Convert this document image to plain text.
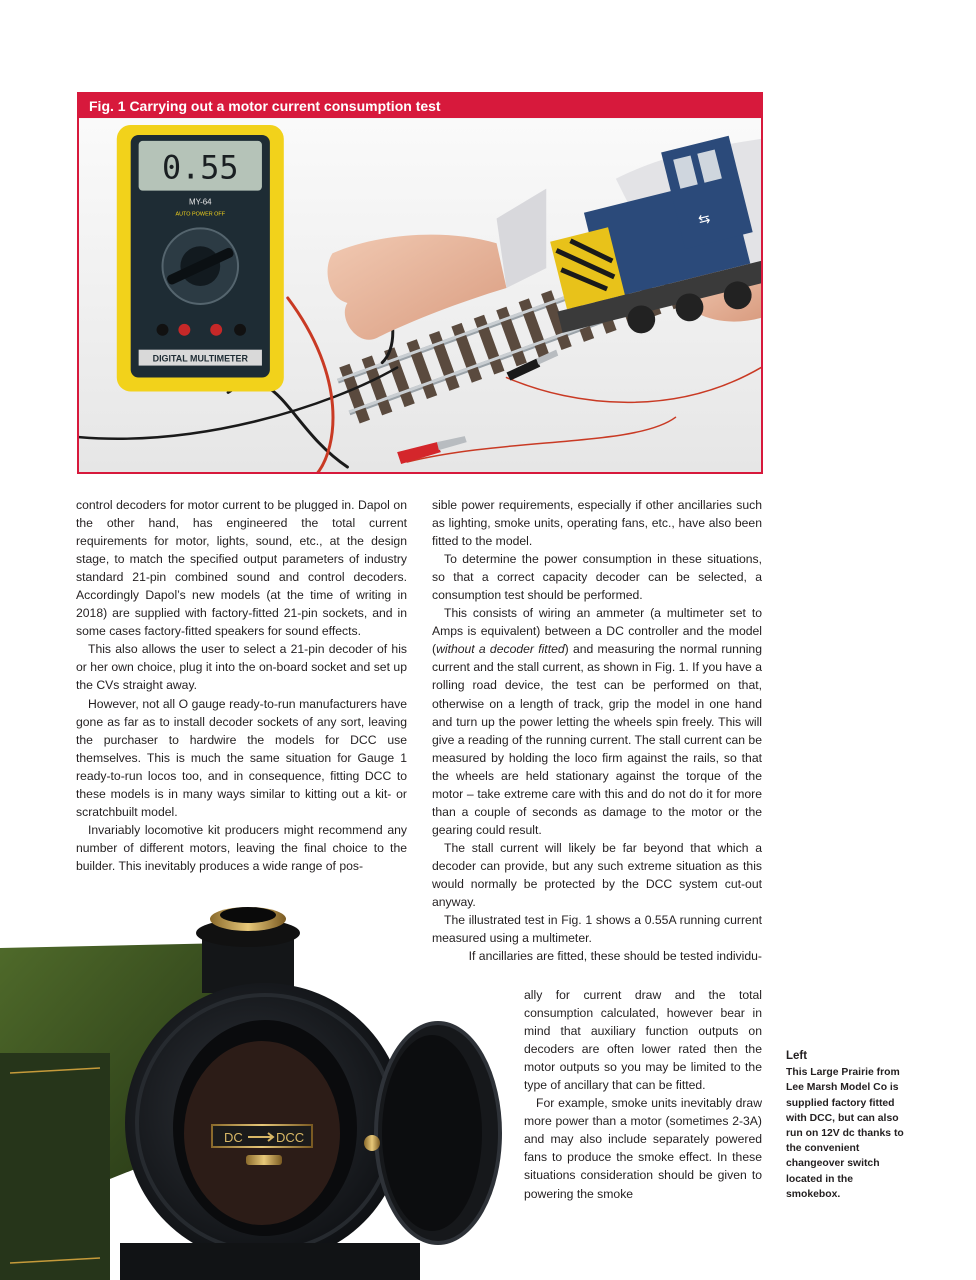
Fig. 1 Carrying out a motor current consumption test
0.55
MY-64
AUTO POWER OFF
DIGITAL MULTIMETER
⇆

control decoders for motor current to be plugged in. Dapol on the other hand, has engineered the total current requirements for motor, lights, sound, etc., at the design stage, to match the specified output parameters of industry standard 21-pin combined sound and control decoders. Accordingly Dapol’s new models (at the time of writing in 2018) are supplied with factory-fitted 21-pin sockets, and in some cases factory-fitted speakers for sound effects.

This also allows the user to select a 21-pin decoder of his or her own choice, plug it into the on-board socket and set up the CVs straight away.

However, not all O gauge ready-to-run manufacturers have gone as far as to install decoder sockets of any sort, leaving the purchaser to hardwire the models for DCC use themselves. This is much the same situation for Gauge 1 ready-to-run locos too, and in consequence, fitting DCC to these models is in many ways similar to kitting out a kit- or scratchbuilt model.

Invariably locomotive kit producers might recommend any number of different motors, leaving the final choice to the builder. This inevitably produces a wide range of pos-

sible power requirements, especially if other ancillaries such as lighting, smoke units, operating fans, etc., have also been fitted to the model.

To determine the power consumption in these situations, so that a correct capacity decoder can be selected, a consumption test should be performed.

This consists of wiring an ammeter (a multimeter set to Amps is equivalent) between a DC controller and the model (without a decoder fitted) and measuring the normal running current and the stall current, as shown in Fig. 1. If you have a rolling road device, the test can be performed on that, otherwise on a length of track, grip the model in one hand and turn up the power letting the wheels spin freely. This will give a reading of the running current. The stall current can be measured by holding the loco firm against the rails, so that the wheels are held stationary against the torque of the motor – take extreme care with this and do not do it for more than a couple of seconds as damage to the motor or the gearing could result.

The stall current will likely be far beyond that which a decoder can provide, but any such extreme situation as this would normally be protected by the DCC system cut-out anyway.

The illustrated test in Fig. 1 shows a 0.55A running current measured using a multimeter.

If ancillaries are fitted, these should be tested individu-

ally for current draw and the total consumption calculated, however bear in mind that auxiliary function outputs on decoders are often lower rated then the motor outputs so you may be limited to the type of ancillary that can be fitted.

For example, smoke units inevitably draw more power than a motor (sometimes 2-3A) and may also include separately powered fans to produce the smoke effect. In these situations consideration should be given to powering the smoke

DC	DCC
Left
This Large Prairie from Lee Marsh Model Co is supplied factory fitted with DCC, but can also run on 12V dc thanks to the convenient changeover switch located in the smokebox.
